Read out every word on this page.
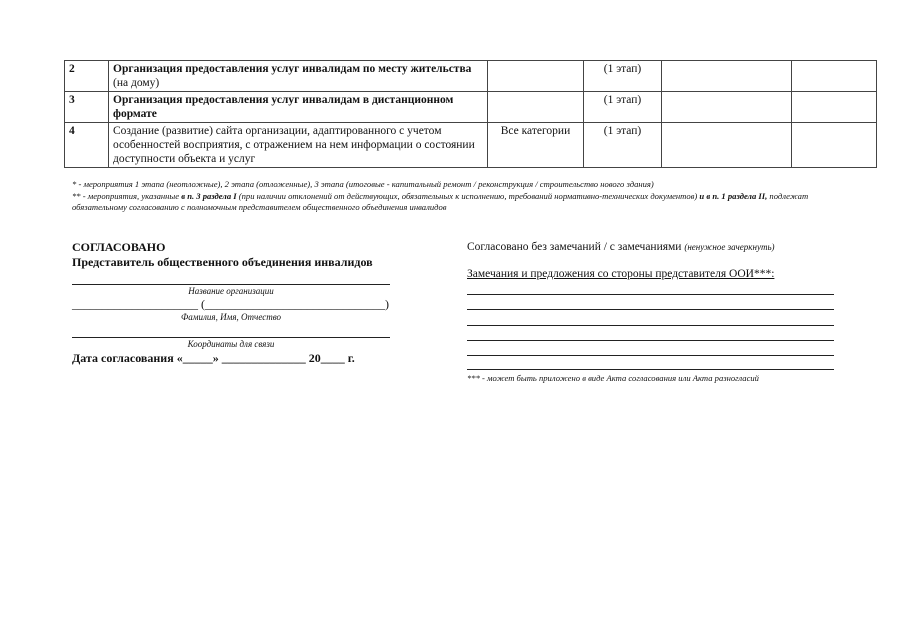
2	Организация предоставления услуг инвалидам по месту жительства (на дому)		(1 этап)		
3	Организация предоставления услуг инвалидам в дистанционном формате		(1 этап)		
4	Создание (развитие) сайта организации, адаптированного с учетом особенностей восприятия, с отражением на нем информации о состоянии доступности объекта и услуг	Все категории	(1 этап)		
* - мероприятия 1 этапа (неотложные), 2 этапа (отложенные), 3 этапа (итоговые - капитальный ремонт / реконструкция / строительство нового здания)
** - мероприятия, указанные в п. 3 раздела I (при наличии отклонений от действующих, обязательных к исполнению, требований нормативно-технических документов) и в п. 1 раздела II, подлежат обязательному согласованию с полномочным представителем общественного объединения инвалидов
СОГЛАСОВАНО
Представитель общественного объединения инвалидов
Название организации
_____________________ (______________________________)
Фамилия, Имя, Отчество
Координаты для связи
Дата согласования «_____» ______________ 20____ г.
Согласовано без замечаний / с замечаниями (ненужное зачеркнуть)
Замечания и предложения со стороны представителя ООИ***:
*** - может быть приложено в виде Акта согласования или Акта разногласий
